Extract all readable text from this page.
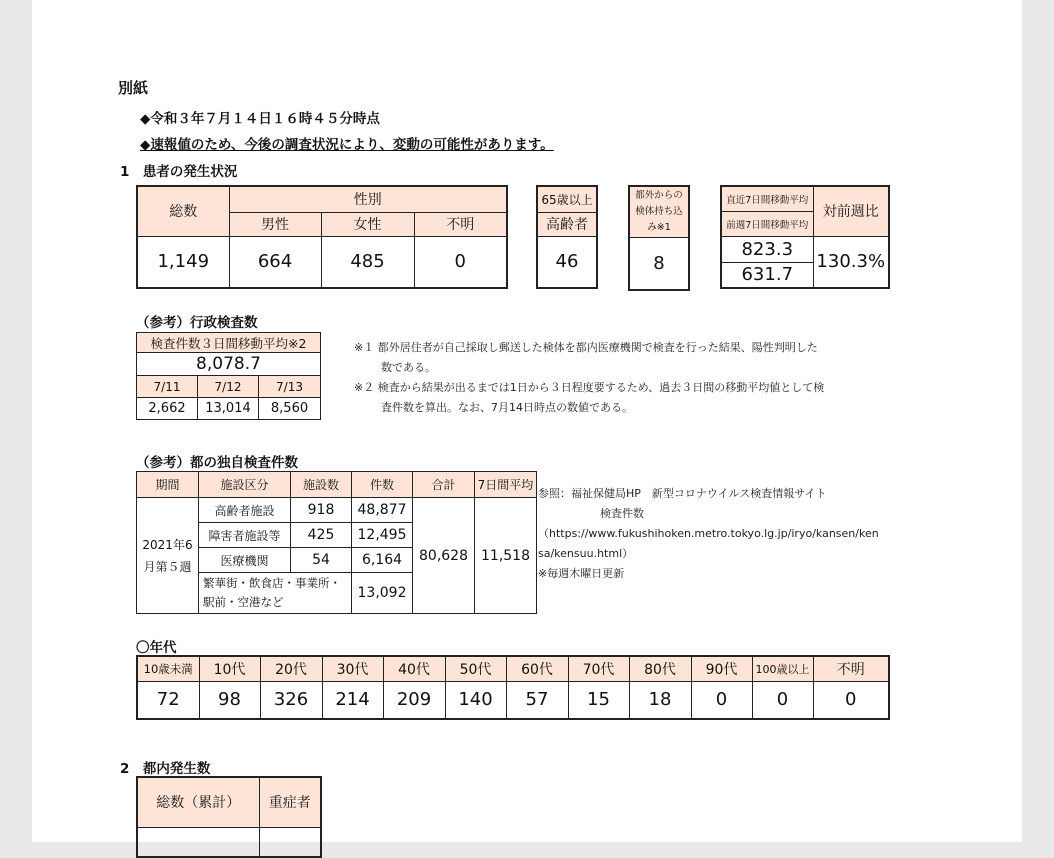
別紙
◆令和３年７月１４日１６時４５分時点
◆速報値のため、今後の調査状況により、変動の可能性があります。
1　患者の発生状況
総数	性別		
	男性	女性	不明
1,149	664	485	0
65歳以上
高齢者
46
都外からの検体持ち込み※1
8
直近7日間移動平均	対前週比
前週7日間移動平均	
823.3	130.3%
631.7	
（参考）行政検査数
検査件数３日間移動平均※2		
8,078.7		
7/11	7/12	7/13
2,662	13,014	8,560
※１ 都外居住者が自己採取し郵送した検体を都内医療機関で検査を行った結果、陽性判明した
数である。
※２ 検査から結果が出るまでは1日から３日程度要するため、過去３日間の移動平均値として検
査件数を算出。なお、7月14日時点の数値である。
（参考）都の独自検査件数
期間	施設区分	施設数	件数	合計	7日間平均

2021年6
月第５週	高齢者施設	918	48,877	80,628	11,518
	障害者施設等	425	12,495		
	医療機関	54	6,164		

	繁華街・飲食店・事業所・
駅前・空港など		13,092		
参照：福祉保健局HP　新型コロナウイルス検査情報サイト
検査件数
（https://www.fukushihoken.metro.tokyo.lg.jp/iryo/kansen/ken
sa/kensuu.html）
※毎週木曜日更新
〇年代
10歳未満	10代	20代	30代	40代	50代	60代	70代	80代	90代	100歳以上	不明
72	98	326	214	209	140	57	15	18	0	0	0
2　都内発生数
総数（累計）	重症者
